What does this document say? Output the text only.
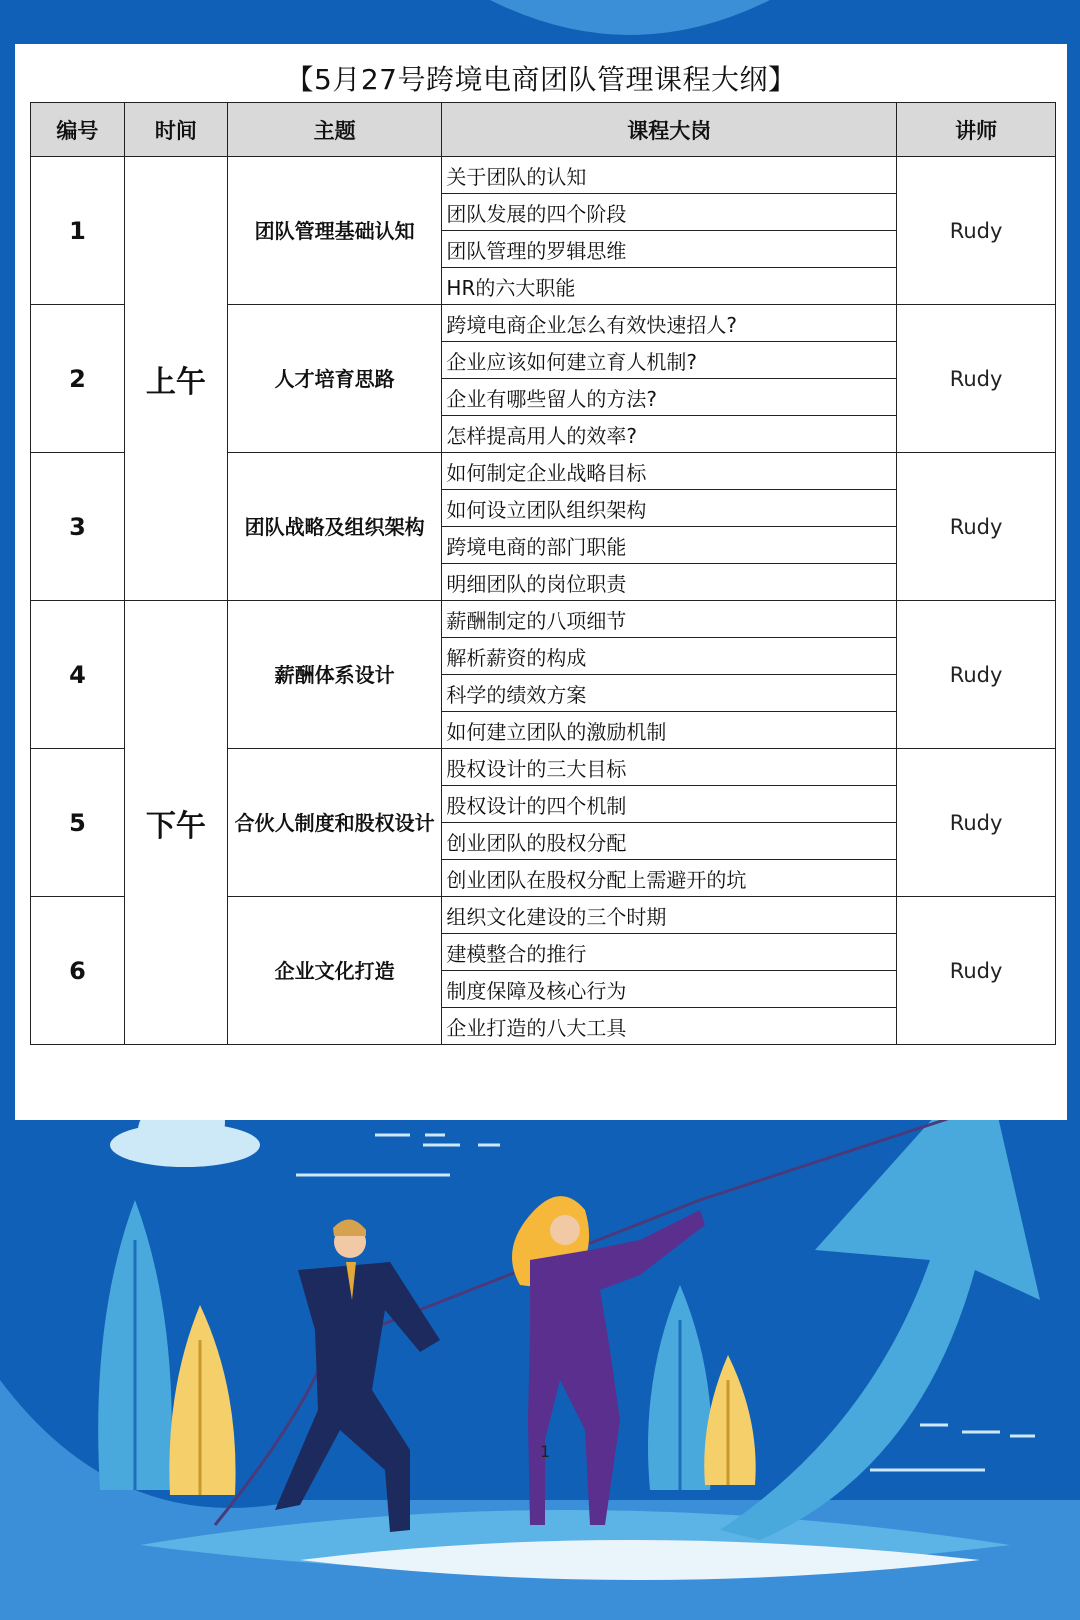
【5月27号跨境电商团队管理课程大纲】
编号	时间	主题	课程大岗	讲师
1	上午	团队管理基础认知	关于团队的认知	Rudy
			团队发展的四个阶段	
			团队管理的罗辑思维	
			HR的六大职能	
2		人才培育思路	跨境电商企业怎么有效快速招人?	Rudy
			企业应该如何建立育人机制?	
			企业有哪些留人的方法?	
			怎样提高用人的效率?	
3		团队战略及组织架构	如何制定企业战略目标	Rudy
			如何设立团队组织架构	
			跨境电商的部门职能	
			明细团队的岗位职责	
4	下午	薪酬体系设计	薪酬制定的八项细节	Rudy
			解析薪资的构成	
			科学的绩效方案	
			如何建立团队的激励机制	
5		合伙人制度和股权设计	股权设计的三大目标	Rudy
			股权设计的四个机制	
			创业团队的股权分配	
			创业团队在股权分配上需避开的坑	
6		企业文化打造	组织文化建设的三个时期	Rudy
			建模整合的推行	
			制度保障及核心行为	
			企业打造的八大工具	
1
